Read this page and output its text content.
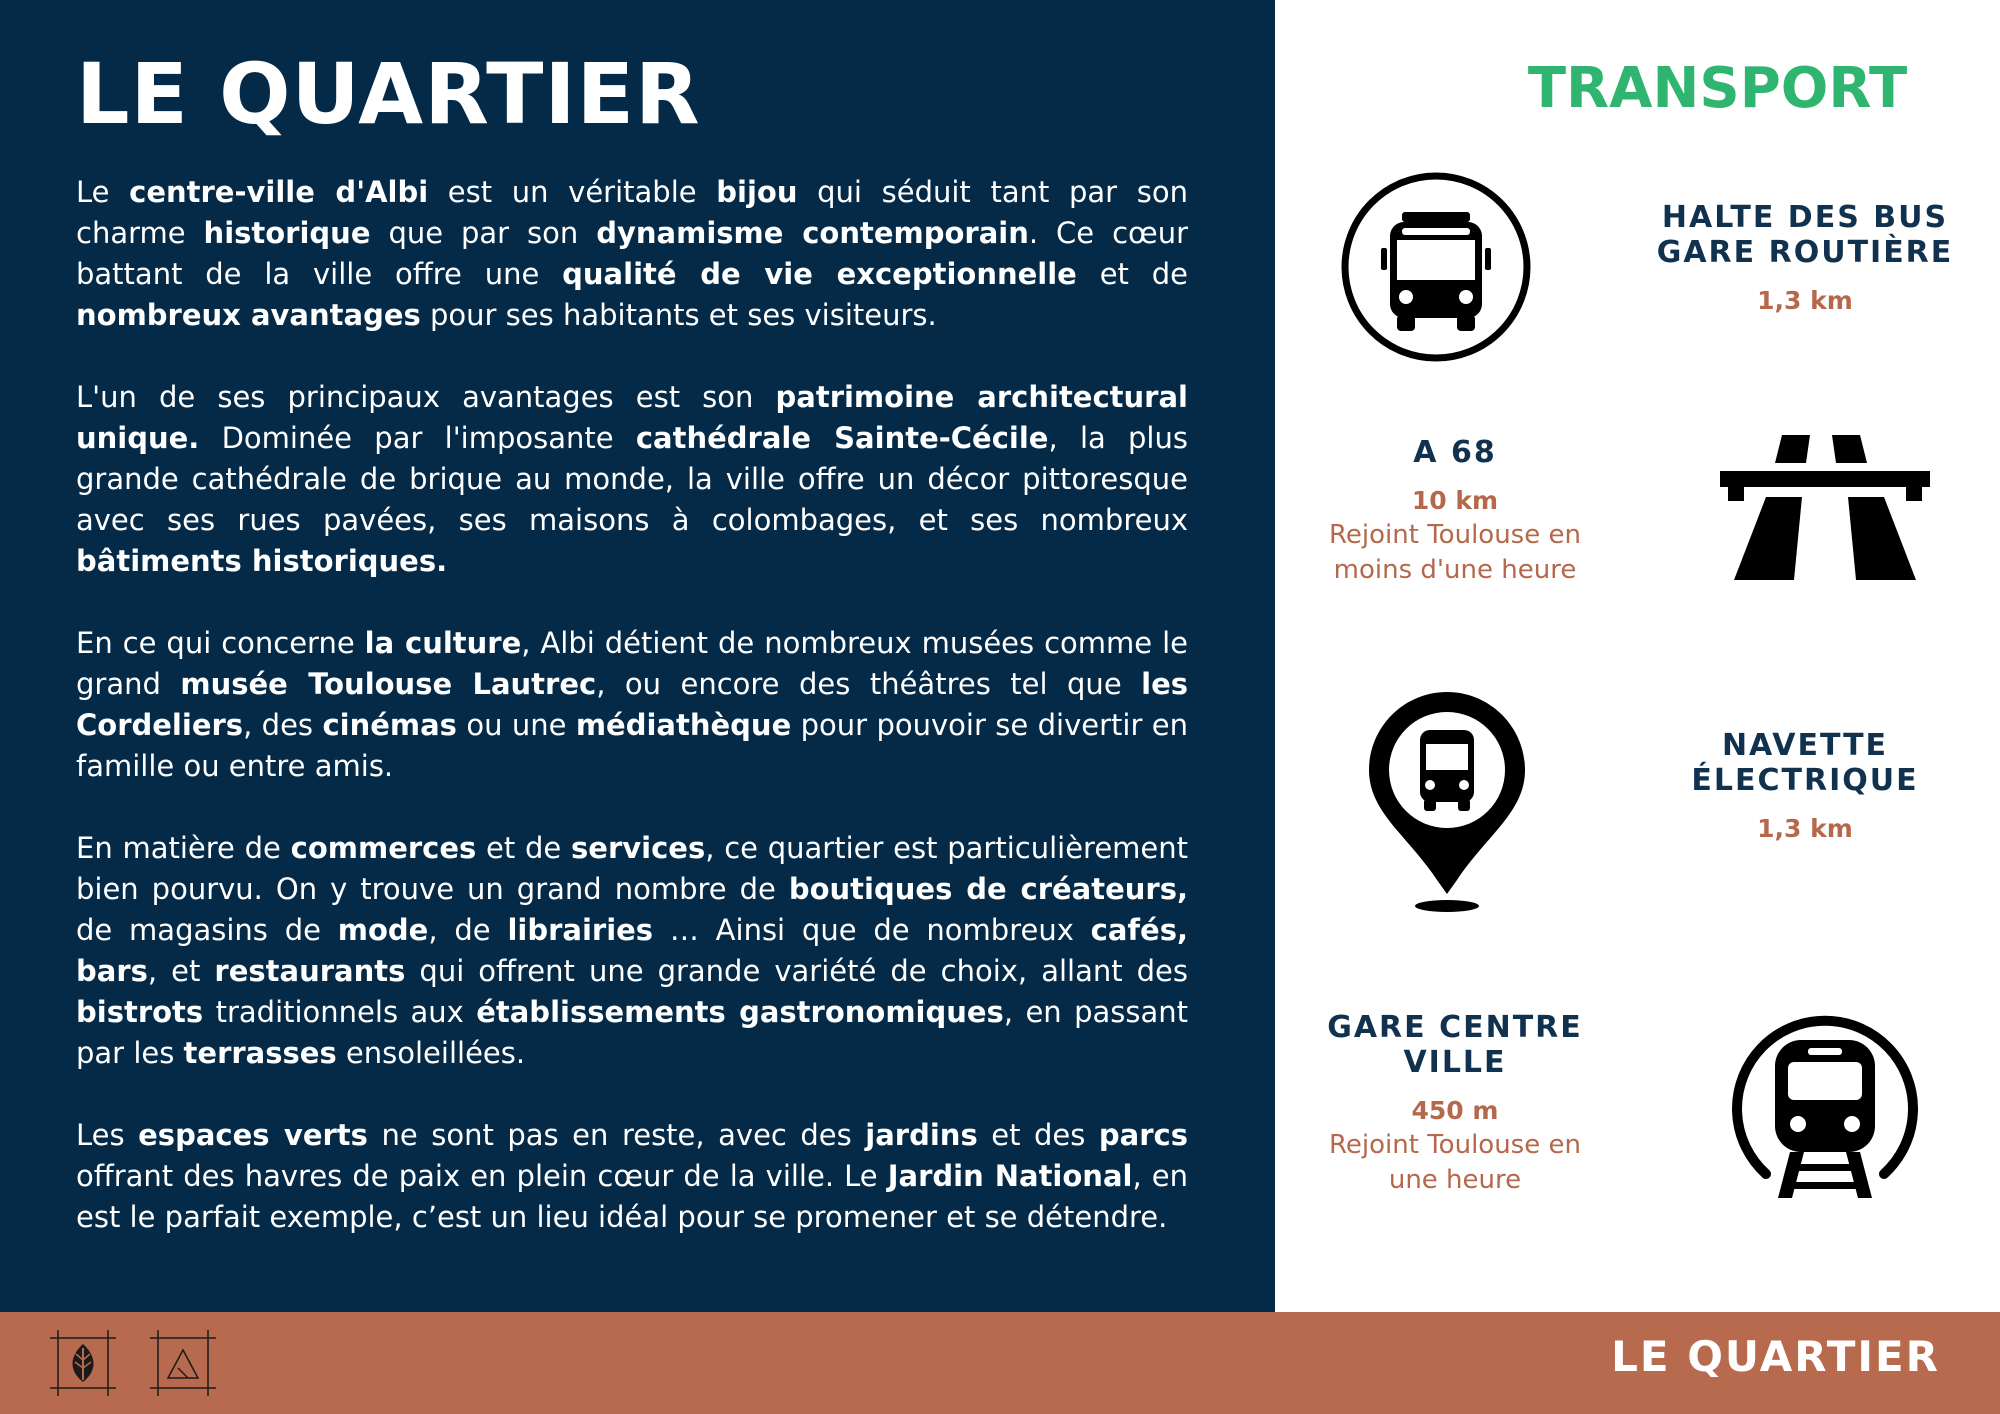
LE QUARTIER

Le centre-ville d'Albi est un véritable bijou qui séduit tant par son charme historique que par son dynamisme contemporain. Ce cœur battant de la ville offre une qualité de vie exceptionnelle et de nombreux avantages pour ses habitants et ses visiteurs.

L'un de ses principaux avantages est son patrimoine architectural unique. Dominée par l'imposante cathédrale Sainte-Cécile, la plus grande cathédrale de brique au monde, la ville offre un décor pittoresque avec ses rues pavées, ses maisons à colombages, et ses nombreux bâtiments historiques.

En ce qui concerne la culture, Albi détient de nombreux musées comme le grand musée Toulouse Lautrec, ou encore des théâtres tel que les Cordeliers, des cinémas ou une médiathèque pour pouvoir se divertir en famille ou entre amis.

En matière de commerces et de services, ce quartier est particulièrement bien pourvu. On y trouve un grand nombre de boutiques de créateurs, de magasins de mode, de librairies … Ainsi que de nombreux cafés, bars, et restaurants qui offrent une grande variété de choix, allant des bistrots traditionnels aux établissements gastronomiques, en passant par les terrasses ensoleillées.

Les espaces verts ne sont pas en reste, avec des jardins et des parcs offrant des havres de paix en plein cœur de la ville. Le Jardin National, en est le parfait exemple, c’est un lieu idéal pour se promener et se détendre.

TRANSPORT

HALTE DES BUS
GARE ROUTIÈRE

1,3 km

A 68

10 km

Rejoint Toulouse en
moins d'une heure

NAVETTE
ÉLECTRIQUE

1,3 km

GARE CENTRE
VILLE

450 m

Rejoint Toulouse en
une heure

LE QUARTIER
